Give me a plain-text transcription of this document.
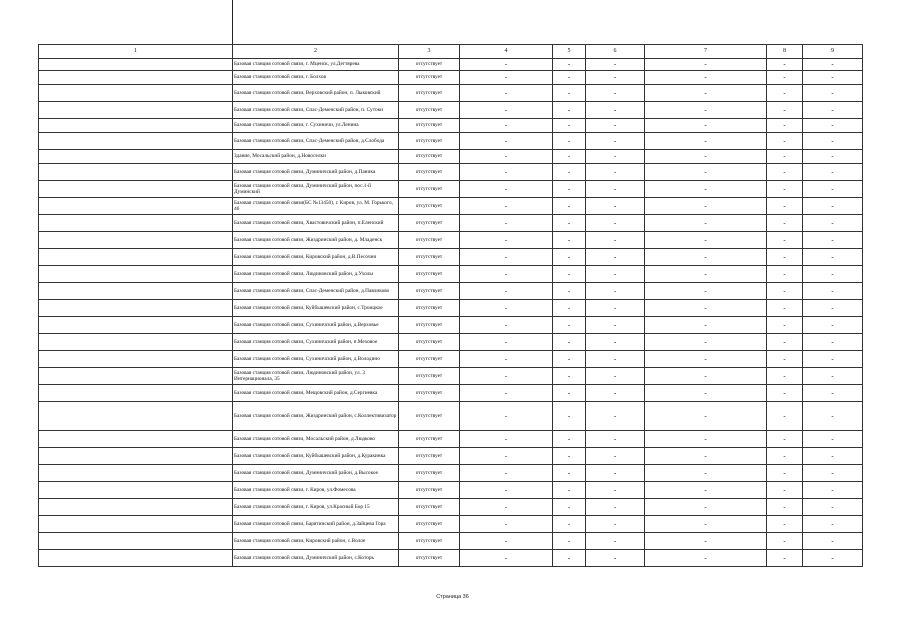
1	2	3	4	5	6	7	8	9
	Базовая станция сотовой связи, г. Мценск, ул.Дегтярева	отсутствует	-	-	-	-	-	-
	Базовая станция сотовой связи, г. Болхов	отсутствует	-	-	-	-	-	-
	Базовая станция сотовой связи, Верховский район, п. Лыковский	отсутствует	-	-	-	-	-	-
	Базовая станция сотовой связи, Спас-Деменский район, п. Сутоки	отсутствует	-	-	-	-	-	-
	Базовая станция сотовой связи, г. Сухиничи, ул.Ленина	отсутствует	-	-	-	-	-	-
	Базовая станция сотовой связи, Спас-Деменский район, д.Слобода	отсутствует	-	-	-	-	-	-
	Здание, Мосальский район, д.Новоселки	отсутствует	-	-	-	-	-	-
	Базовая станция сотовой связи, Думиничский район, д.Паника	отсутствует	-	-	-	-	-	-
	Базовая станция сотовой связи, Думиничский район, пос.1-й Думинский	отсутствует	-	-	-	-	-	-
	Базовая станция сотовой связи(БС №13450), г. Киров, ул. М. Горького, 46	отсутствует	-	-	-	-	-	-
	Базовая станция сотовой связи, Хвастовичский район, п.Еленский	отсутствует	-	-	-	-	-	-
	Базовая станция сотовой связи, Жиздринский район, д. Младенск	отсутствует	-	-	-	-	-	-
	Базовая станция сотовой связи, Кировский район, д.В.Песочня	отсутствует	-	-	-	-	-	-
	Базовая станция сотовой связи, Людиновский район, д.Ухолы	отсутствует	-	-	-	-	-	-
	Базовая станция сотовой связи, Спас-Деменский район, д.Павликово	отсутствует	-	-	-	-	-	-
	Базовая станция сотовой связи, Куйбышевский район, с.Троицкое	отсутствует	-	-	-	-	-	-
	Базовая станция сотовой связи, Сухиничский район, д.Верховье	отсутствует	-	-	-	-	-	-
	Базовая станция сотовой связи, Сухиничский район, п.Меховое	отсутствует	-	-	-	-	-	-
	Базовая станция сотовой связи, Сухиничский район, д.Володино	отсутствует	-	-	-	-	-	-
	Базовая станция сотовой связи, Людиновский район, ул. 3 Интернационала, 35	отсутствует	-	-	-	-	-	-
	Базовая станция сотовой связи, Мещовский район, д.Сергиевка	отсутствует	-	-	-	-	-	-
	Базовая станция сотовой связи, Жиздринский район, с.Коллективизатор	отсутствует	-	-	-	-	-	-
	Базовая станция сотовой связи, Мосальский район, д.Людково	отсутствует	-	-	-	-	-	-
	Базовая станция сотовой связи, Куйбышевский район, д.Куракинка	отсутствует	-	-	-	-	-	-
	Базовая станция сотовой связи, Думиничский район, д.Высокое	отсутствует	-	-	-	-	-	-
	Базовая станция сотовой связи, г. Киров, ул.Фомесова	отсутствует	-	-	-	-	-	-
	Базовая станция сотовой связи, г. Киров, ул.Красный Бор 15	отсутствует	-	-	-	-	-	-
	Базовая станция сотовой связи, Барятинский район, д.Зайцева Гора	отсутствует	-	-	-	-	-	-
	Базовая станция сотовой связи, Кировский район, с.Волое	отсутствует	-	-	-	-	-	-
	Базовая станция сотовой связи, Думиничский район, с.Которь	отсутствует	-	-	-	-	-	-
Страница 36
